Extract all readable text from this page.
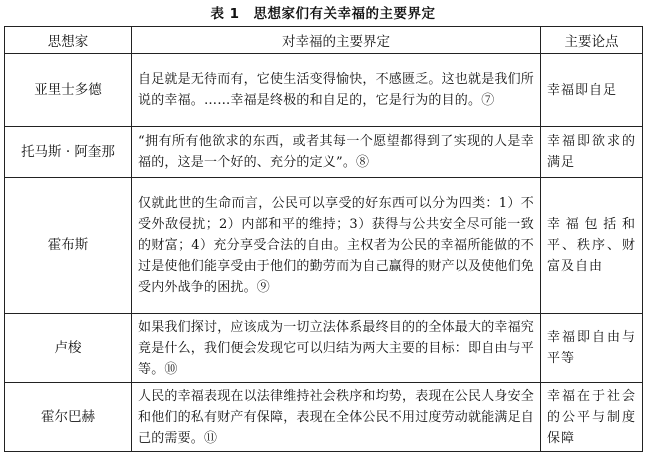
表 1 思想家们有关幸福的主要界定
思想家	对幸福的主要界定	主要论点
亚里士多德	自足就是无待而有，它使生活变得愉快，不感匮乏。这也就是我们所说的幸福。……幸福是终极的和自足的，它是行为的目的。⑦	幸福即自足
托马斯 · 阿奎那	“拥有所有他欲求的东西，或者其每一个愿望都得到了实现的人是幸福的，这是一个好的、充分的定义”。⑧	幸福即欲求的满足
霍布斯	仅就此世的生命而言，公民可以享受的好东西可以分为四类：1）不受外敌侵扰；2）内部和平的维持；3）获得与公共安全尽可能一致的财富；4）充分享受合法的自由。主权者为公民的幸福所能做的不过是使他们能享受由于他们的勤劳而为自己赢得的财产以及使他们免受内外战争的困扰。⑨	幸福包括和平、秩序、财富及自由
卢梭	如果我们探讨，应该成为一切立法体系最终目的的全体最大的幸福究竟是什么，我们便会发现它可以归结为两大主要的目标：即自由与平等。⑩	幸福即自由与平等
霍尔巴赫	人民的幸福表现在以法律维持社会秩序和均势，表现在公民人身安全和他们的私有财产有保障，表现在全体公民不用过度劳动就能满足自己的需要。⑪	幸福在于社会的公平与制度保障
